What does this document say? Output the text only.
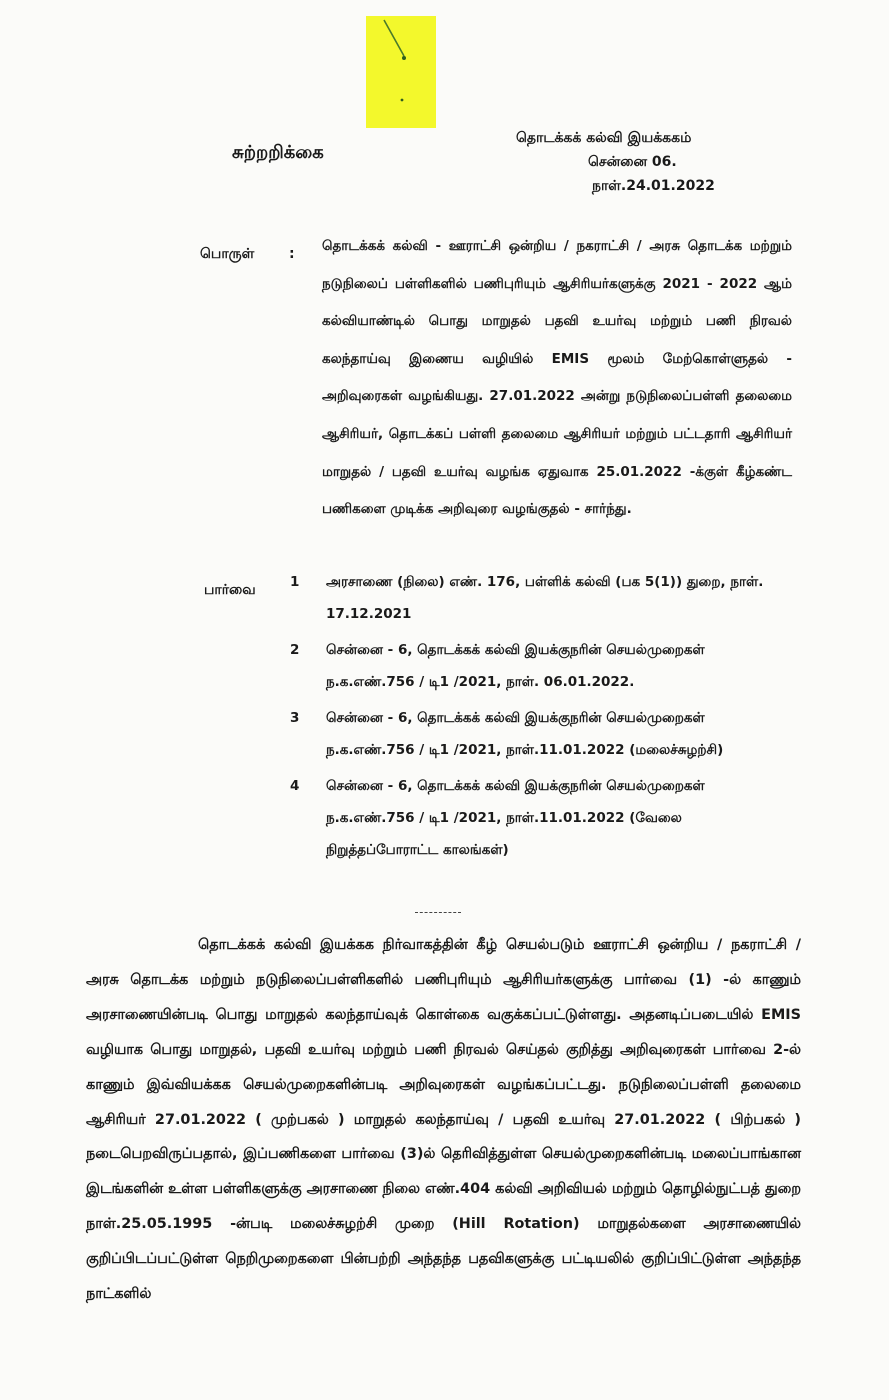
சுற்றறிக்கை
தொடக்கக் கல்வி இயக்ககம்
சென்னை 06.
நாள்.24.01.2022
பொருள் : தொடக்கக் கல்வி - ஊராட்சி ஒன்றிய / நகராட்சி / அரசு தொடக்க மற்றும் நடுநிலைப் பள்ளிகளில் பணிபுரியும் ஆசிரியர்களுக்கு 2021 - 2022 ஆம் கல்வியாண்டில் பொது மாறுதல் பதவி உயர்வு மற்றும் பணி நிரவல் கலந்தாய்வு இணைய வழியில் EMIS மூலம் மேற்கொள்ளுதல் - அறிவுரைகள் வழங்கியது. 27.01.2022 அன்று நடுநிலைப்பள்ளி தலைமை ஆசிரியர், தொடக்கப் பள்ளி தலைமை ஆசிரியர் மற்றும் பட்டதாரி ஆசிரியர் மாறுதல் / பதவி உயர்வு வழங்க ஏதுவாக 25.01.2022 -க்குள் கீழ்கண்ட பணிகளை முடிக்க அறிவுரை வழங்குதல் - சார்ந்து.
பார்வை	1	அரசாணை (நிலை) எண். 176, பள்ளிக் கல்வி (பக 5(1)) துறை, நாள். 17.12.2021
2	சென்னை - 6, தொடக்கக் கல்வி இயக்குநரின் செயல்முறைகள் ந.க.எண்.756 / டி1 /2021, நாள். 06.01.2022.
3	சென்னை - 6, தொடக்கக் கல்வி இயக்குநரின் செயல்முறைகள் ந.க.எண்.756 / டி1 /2021, நாள்.11.01.2022 (மலைச்சுழற்சி)
4	சென்னை - 6, தொடக்கக் கல்வி இயக்குநரின் செயல்முறைகள் ந.க.எண்.756 / டி1 /2021, நாள்.11.01.2022 (வேலை நிறுத்தப்போராட்ட காலங்கள்)
தொடக்கக் கல்வி இயக்கக நிர்வாகத்தின் கீழ் செயல்படும் ஊராட்சி ஒன்றிய / நகராட்சி / அரசு தொடக்க மற்றும் நடுநிலைப்பள்ளிகளில் பணிபுரியும் ஆசிரியர்களுக்கு பார்வை (1) -ல் காணும் அரசாணையின்படி பொது மாறுதல் கலந்தாய்வுக் கொள்கை வகுக்கப்பட்டுள்ளது. அதனடிப்படையில் EMIS வழியாக பொது மாறுதல், பதவி உயர்வு மற்றும் பணி நிரவல் செய்தல் குறித்து அறிவுரைகள் பார்வை 2-ல் காணும் இவ்வியக்கக செயல்முறைகளின்படி அறிவுரைகள் வழங்கப்பட்டது. நடுநிலைப்பள்ளி தலைமை ஆசிரியர் 27.01.2022 ( முற்பகல் ) மாறுதல் கலந்தாய்வு / பதவி உயர்வு 27.01.2022 ( பிற்பகல் ) நடைபெறவிருப்பதால், இப்பணிகளை பார்வை (3)ல் தெரிவித்துள்ள செயல்முறைகளின்படி மலைப்பாங்கான இடங்களின் உள்ள பள்ளிகளுக்கு அரசாணை நிலை எண்.404 கல்வி அறிவியல் மற்றும் தொழில்நுட்பத் துறை நாள்.25.05.1995 -ன்படி மலைச்சுழற்சி முறை (Hill Rotation) மாறுதல்களை அரசாணையில் குறிப்பிடப்பட்டுள்ள நெறிமுறைகளை பின்பற்றி அந்தந்த பதவிகளுக்கு பட்டியலில் குறிப்பிட்டுள்ள அந்தந்த நாட்களில்
